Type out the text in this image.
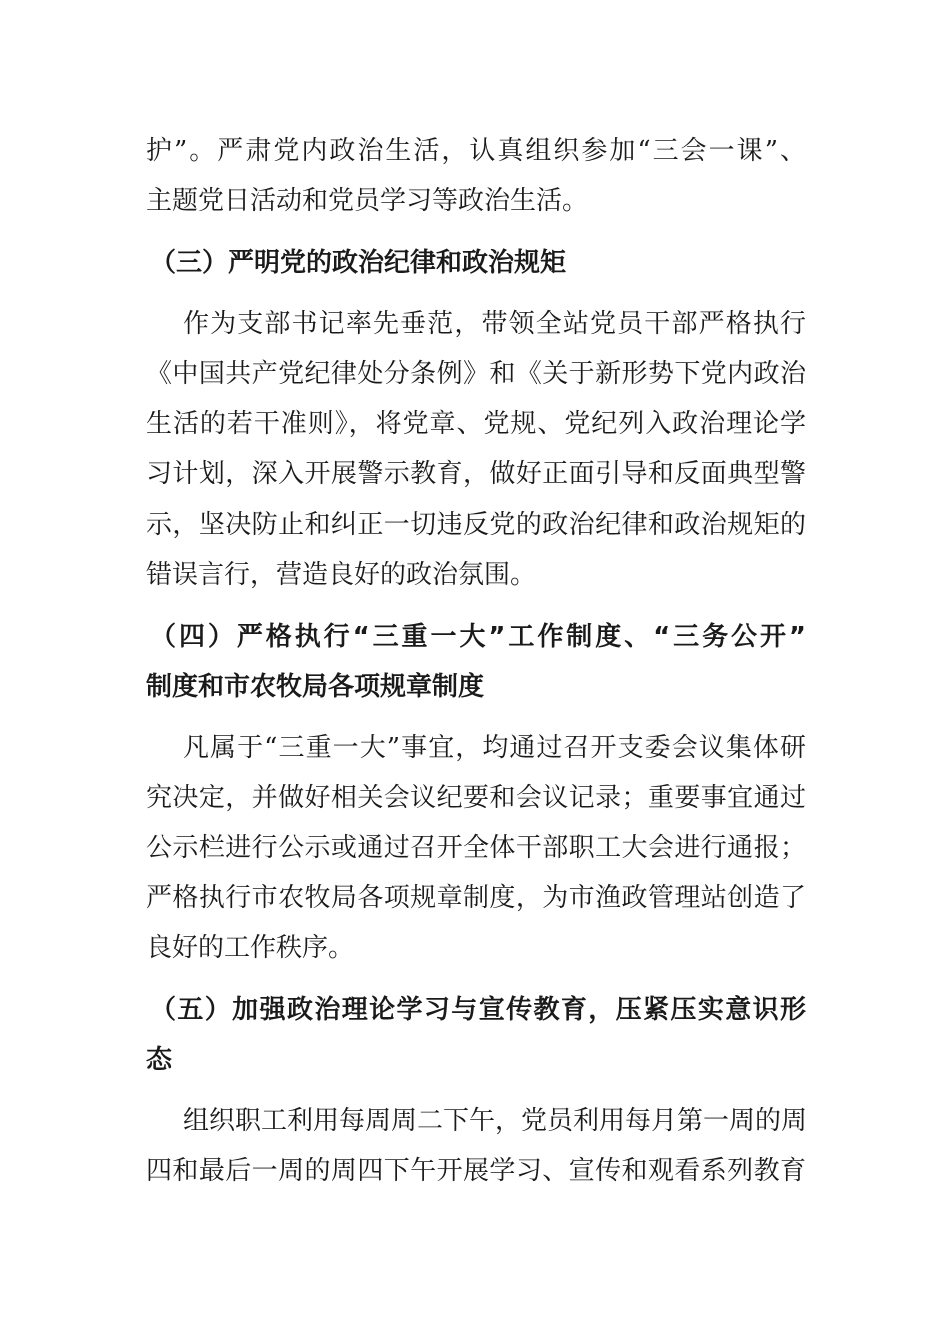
护”。严肃党内政治生活，认真组织参加“三会一课”、
主题党日活动和党员学习等政治生活。
（三）严明党的政治纪律和政治规矩
作为支部书记率先垂范，带领全站党员干部严格执行
《中国共产党纪律处分条例》和《关于新形势下党内政治
生活的若干准则》，将党章、党规、党纪列入政治理论学
习计划，深入开展警示教育，做好正面引导和反面典型警
示，坚决防止和纠正一切违反党的政治纪律和政治规矩的
错误言行，营造良好的政治氛围。
（四）严格执行“三重一大”工作制度、“三务公开”
制度和市农牧局各项规章制度
凡属于“三重一大”事宜，均通过召开支委会议集体研
究决定，并做好相关会议纪要和会议记录；重要事宜通过
公示栏进行公示或通过召开全体干部职工大会进行通报；
严格执行市农牧局各项规章制度，为市渔政管理站创造了
良好的工作秩序。
（五）加强政治理论学习与宣传教育，压紧压实意识形
态
组织职工利用每周周二下午，党员利用每月第一周的周
四和最后一周的周四下午开展学习、宣传和观看系列教育
